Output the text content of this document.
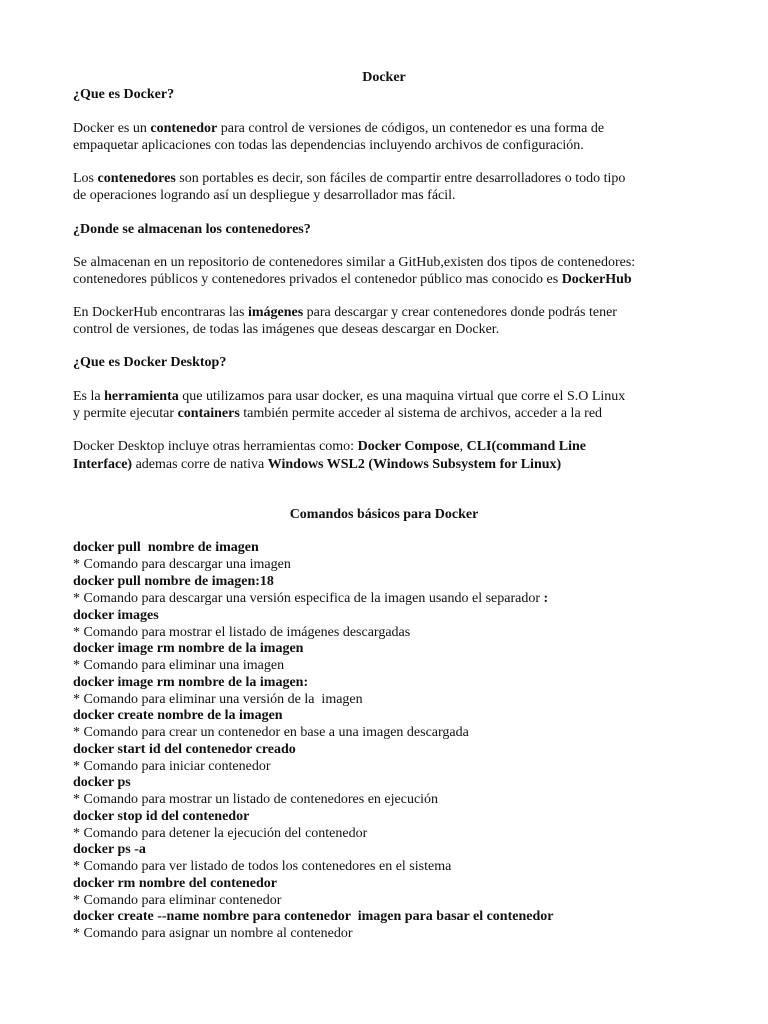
Docker
¿Que es Docker?
Docker es un contenedor para control de versiones de códigos, un contenedor es una forma de
empaquetar aplicaciones con todas las dependencias incluyendo archivos de configuración.
Los contenedores son portables es decir, son fáciles de compartir entre desarrolladores o todo tipo
de operaciones logrando así un despliegue y desarrollador mas fácil.
¿Donde se almacenan los contenedores?
Se almacenan en un repositorio de contenedores similar a GitHub,existen dos tipos de contenedores:
contenedores públicos y contenedores privados el contenedor público mas conocido es DockerHub
En DockerHub encontraras las imágenes para descargar y crear contenedores donde podrás tener
control de versiones, de todas las imágenes que deseas descargar en Docker.
¿Que es Docker Desktop?
Es la herramienta que utilizamos para usar docker, es una maquina virtual que corre el S.O Linux
y permite ejecutar containers también permite acceder al sistema de archivos, acceder a la red
Docker Desktop incluye otras herramientas como: Docker Compose, CLI(command Line
Interface) ademas corre de nativa Windows WSL2 (Windows Subsystem for Linux)
Comandos básicos para Docker
docker pull  nombre de imagen
* Comando para descargar una imagen
docker pull nombre de imagen:18
* Comando para descargar una versión especifica de la imagen usando el separador :
docker images
* Comando para mostrar el listado de imágenes descargadas
docker image rm nombre de la imagen
* Comando para eliminar una imagen
docker image rm nombre de la imagen:
* Comando para eliminar una versión de la  imagen
docker create nombre de la imagen
* Comando para crear un contenedor en base a una imagen descargada
docker start id del contenedor creado
* Comando para iniciar contenedor
docker ps
* Comando para mostrar un listado de contenedores en ejecución
docker stop id del contenedor
* Comando para detener la ejecución del contenedor
docker ps -a
* Comando para ver listado de todos los contenedores en el sistema
docker rm nombre del contenedor
* Comando para eliminar contenedor
docker create --name nombre para contenedor  imagen para basar el contenedor
* Comando para asignar un nombre al contenedor
